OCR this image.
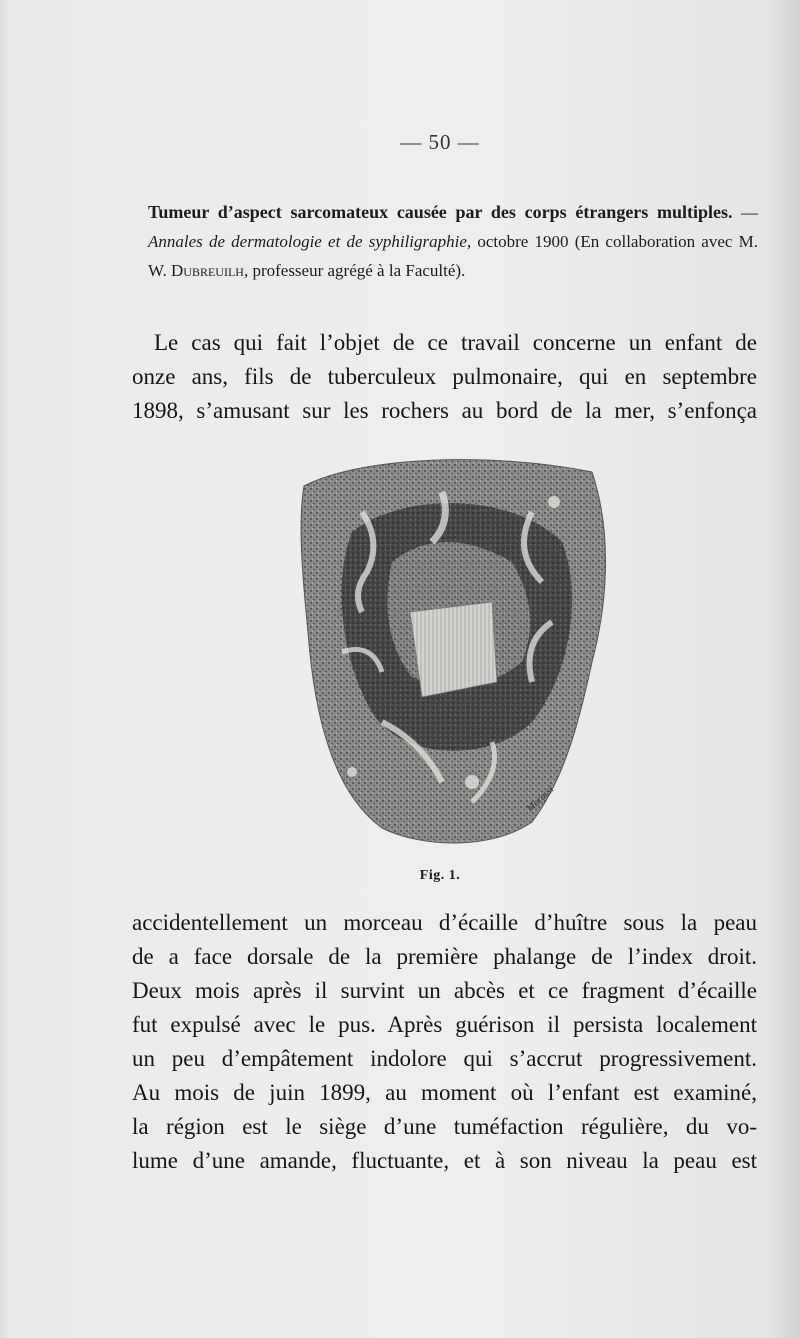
— 50 —
Tumeur d’aspect sarcomateux causée par des corps étrangers multiples. — Annales de dermatologie et de syphiligraphie, octobre 1900 (En collaboration avec M. W. Dubreuilh, professeur agrégé à la Faculté).
Le cas qui fait l’objet de ce travail concerne un enfant de
onze ans, fils de tuberculeux pulmonaire, qui en septembre
1898, s’amusant sur les rochers au bord de la mer, s’enfonça
Morassi
Fig. 1.
accidentellement un morceau d’écaille d’huître sous la peau
de a face dorsale de la première phalange de l’index droit.
Deux mois après il survint un abcès et ce fragment d’écaille
fut expulsé avec le pus. Après guérison il persista localement
un peu d’empâtement indolore qui s’accrut progressivement.
Au mois de juin 1899, au moment où l’enfant est examiné,
la région est le siège d’une tuméfaction régulière, du vo-
lume d’une amande, fluctuante, et à son niveau la peau est
